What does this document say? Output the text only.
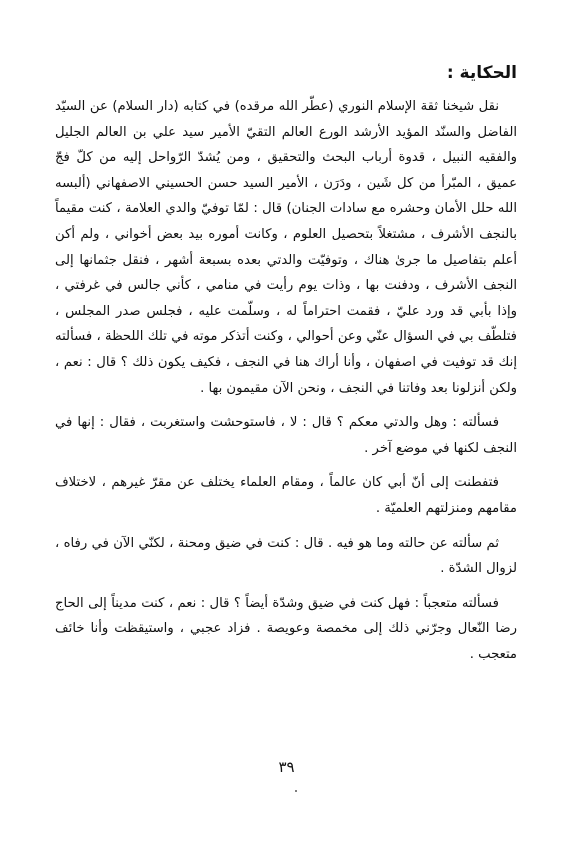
الحكاية :

نقل شيخنا ثقة الإسلام النوري (عطّر الله مرقده) في كتابه (دار السلام) عن السيّد الفاضل والسنّد المؤيد الأرشد الورع العالم التقيّ الأمير سيد علي بن العالم الجليل والفقيه النبيل ، قدوة أرباب البحث والتحقيق ، ومن يُشدّ الرّواحل إليه من كلّ فجّ عميق ، المبّرأ من كل شَين ، ودَرَن ، الأمير السيد حسن الحسيني الاصفهاني (ألبسه الله حلل الأمان وحشره مع سادات الجنان) قال : لمّا توفيّ والدي العلامة ، كنت مقيماً بالنجف الأشرف ، مشتغلاً بتحصيل العلوم ، وكانت أموره بيد بعض أخواني ، ولم أكن أعلم بتفاصيل ما جرىٰ هناك ، وتوفيّت والدتي بعده بسبعة أشهر ، فنقل جثمانها إلى النجف الأشرف ، ودفنت بها ، وذات يوم رأيت في منامي ، كأني جالس في غرفتي ، وإذا بأبي قد ورد عليّ ، فقمت احتراماً له ، وسلّمت عليه ، فجلس صدر المجلس ، فتلطّف بي في السؤال عنّي وعن أحوالي ، وكنت أتذكر موته في تلك اللحظة ، فسألته إنك قد توفيت في اصفهان ، وأنا أراك هنا في النجف ، فكيف يكون ذلك ؟ قال : نعم ، ولكن أنزلونا بعد وفاتنا في النجف ، ونحن الآن مقيمون بها .

فسألته : وهل والدتي معكم ؟ قال : لا ، فاستوحشت واستغربت ، فقال : إنها في النجف لكنها في موضع آخر .

فتفطنت إلى أنّ أبي كان عالماً ، ومقام العلماء يختلف عن مقرّ غيرهم ، لاختلاف مقامهم ومنزلتهم العلميّة .

ثم سألته عن حالته وما هو فيه . قال : كنت في ضيق ومحنة ، لكنّي الآن في رفاه ، لزوال الشدّة .

فسألته متعجباً : فهل كنت في ضيق وشدّة أيضاً ؟ قال : نعم ، كنت مديناً إلى الحاج رضا النّعال وجرّني ذلك إلى مخمصة وعويصة . فزاد عجبي ، واستيقظت وأنا خائف متعجب .

٣٩
